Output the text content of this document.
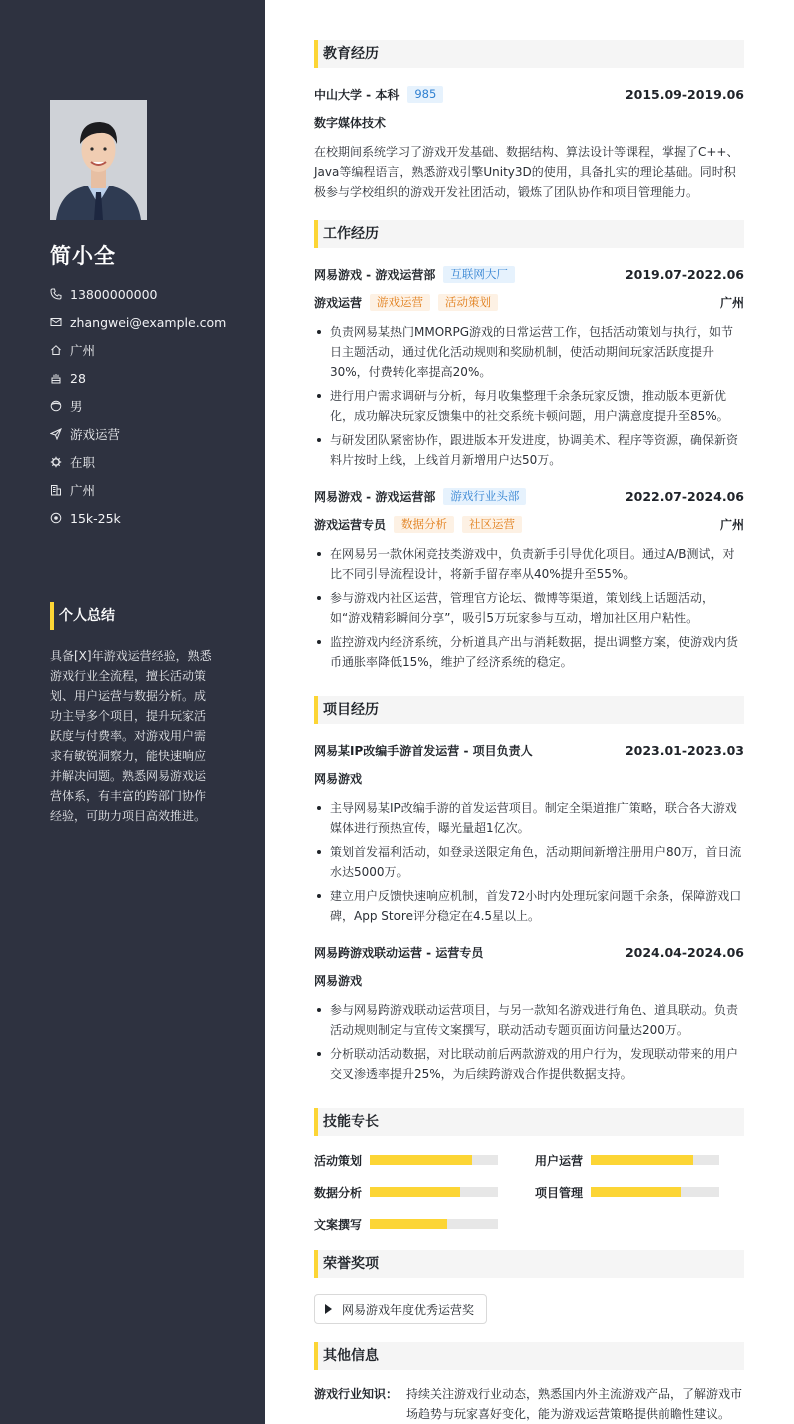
简小全
13800000000
zhangwei@example.com
广州
28
男
游戏运营
在职
广州
15k-25k
个人总结
具备[X]年游戏运营经验，熟悉游戏行业全流程，擅长活动策划、用户运营与数据分析。成功主导多个项目，提升玩家活跃度与付费率。对游戏用户需求有敏锐洞察力，能快速响应并解决问题。熟悉网易游戏运营体系，有丰富的跨部门协作经验，可助力项目高效推进。
教育经历
中山大学 - 本科	985	2015.09-2019.06
数字媒体技术
在校期间系统学习了游戏开发基础、数据结构、算法设计等课程，掌握了C++、Java等编程语言，熟悉游戏引擎Unity3D的使用，具备扎实的理论基础。同时积极参与学校组织的游戏开发社团活动，锻炼了团队协作和项目管理能力。
工作经历
网易游戏 - 游戏运营部	互联网大厂	2019.07-2022.06
游戏运营	游戏运营	活动策划	广州
负责网易某热门MMORPG游戏的日常运营工作，包括活动策划与执行，如节日主题活动，通过优化活动规则和奖励机制，使活动期间玩家活跃度提升30%，付费转化率提高20%。
进行用户需求调研与分析，每月收集整理千余条玩家反馈，推动版本更新优化，成功解决玩家反馈集中的社交系统卡顿问题，用户满意度提升至85%。
与研发团队紧密协作，跟进版本开发进度，协调美术、程序等资源，确保新资料片按时上线，上线首月新增用户达50万。
网易游戏 - 游戏运营部	游戏行业头部	2022.07-2024.06
游戏运营专员	数据分析	社区运营	广州
在网易另一款休闲竞技类游戏中，负责新手引导优化项目。通过A/B测试，对比不同引导流程设计，将新手留存率从40%提升至55%。
参与游戏内社区运营，管理官方论坛、微博等渠道，策划线上话题活动，如“游戏精彩瞬间分享”，吸引5万玩家参与互动，增加社区用户粘性。
监控游戏内经济系统，分析道具产出与消耗数据，提出调整方案，使游戏内货币通胀率降低15%，维护了经济系统的稳定。
项目经历
网易某IP改编手游首发运营 - 项目负责人	2023.01-2023.03
网易游戏
主导网易某IP改编手游的首发运营项目。制定全渠道推广策略，联合各大游戏媒体进行预热宣传，曝光量超1亿次。
策划首发福利活动，如登录送限定角色，活动期间新增注册用户80万，首日流水达5000万。
建立用户反馈快速响应机制，首发72小时内处理玩家问题千余条，保障游戏口碑，App Store评分稳定在4.5星以上。
网易跨游戏联动运营 - 运营专员	2024.04-2024.06
网易游戏
参与网易跨游戏联动运营项目，与另一款知名游戏进行角色、道具联动。负责活动规则制定与宣传文案撰写，联动活动专题页面访问量达200万。
分析联动活动数据，对比联动前后两款游戏的用户行为，发现联动带来的用户交叉渗透率提升25%，为后续跨游戏合作提供数据支持。
技能专长
活动策划	用户运营
数据分析	项目管理
文案撰写
荣誉奖项
网易游戏年度优秀运营奖
其他信息
游戏行业知识： 持续关注游戏行业动态，熟悉国内外主流游戏产品，了解游戏市场趋势与玩家喜好变化，能为游戏运营策略提供前瞻性建议。
